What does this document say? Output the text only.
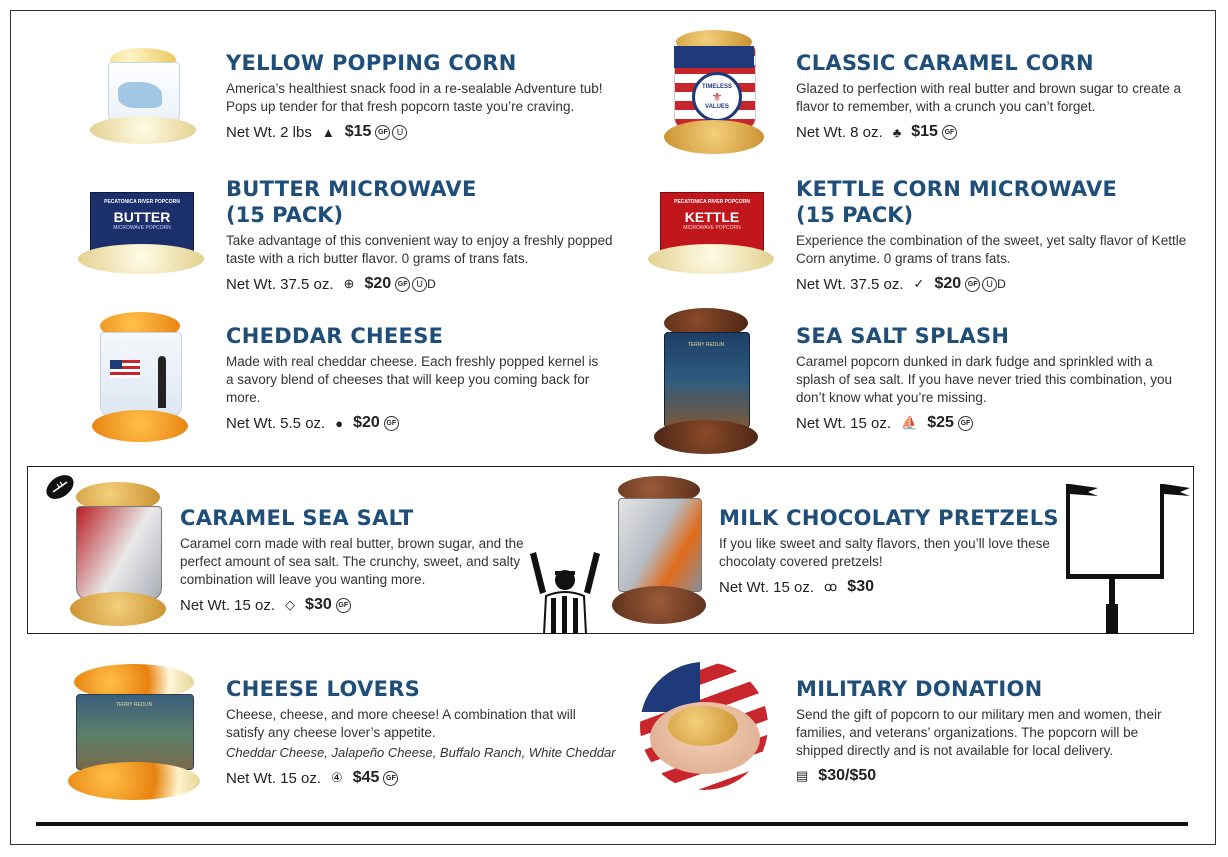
YELLOW POPPING CORN

America’s healthiest snack food in a re-sealable Adventure tub! Pops up tender for that fresh popcorn taste you’re craving.

Net Wt. 2 lbs ▲ $15 GF U
TIMELESS
⚜
VALUES
CLASSIC CARAMEL CORN

Glazed to perfection with real butter and brown sugar to create a flavor to remember, with a crunch you can’t forget.

Net Wt. 8 oz. ♣ $15 GF
PECATONICA RIVER POPCORN
BUTTER
MICROWAVE POPCORN
BUTTER MICROWAVE
(15 PACK)

Take advantage of this convenient way to enjoy a freshly popped taste with a rich butter flavor. 0 grams of trans fats.

Net Wt. 37.5 oz. ⊕ $20 GF U D
PECATONICA RIVER POPCORN
KETTLE
MICROWAVE POPCORN
KETTLE CORN MICROWAVE
(15 PACK)

Experience the combination of the sweet, yet salty flavor of Kettle Corn anytime. 0 grams of trans fats.

Net Wt. 37.5 oz. ✓ $20 GF U D
CHEDDAR CHEESE

Made with real cheddar cheese. Each freshly popped kernel is a savory blend of cheeses that will keep you coming back for more.

Net Wt. 5.5 oz. ● $20 GF
TERRY REDLIN	SEA SALT SPLASH

Caramel popcorn dunked in dark fudge and sprinkled with a splash of sea salt. If you have never tried this combination, you don’t know what you’re missing.

Net Wt. 15 oz. ⛵ $25 GF
CARAMEL SEA SALT

Caramel corn made with real butter, brown sugar, and the perfect amount of sea salt. The crunchy, sweet, and salty combination will leave you wanting more.

Net Wt. 15 oz. ◇ $30 GF
MILK CHOCOLATY PRETZELS

If you like sweet and salty flavors, then you’ll love these chocolaty covered pretzels!

Net Wt. 15 oz. ꝏ $30
TERRY REDLIN
CHEESE LOVERS

Cheese, cheese, and more cheese! A combination that will satisfy any cheese lover’s appetite.

Cheddar Cheese, Jalapeño Cheese, Buffalo Ranch, White Cheddar

Net Wt. 15 oz. ④ $45 GF
MILITARY DONATION

Send the gift of popcorn to our military men and women, their families, and veterans’ organizations. The popcorn will be shipped directly and is not available for local delivery.

▤ $30/$50
